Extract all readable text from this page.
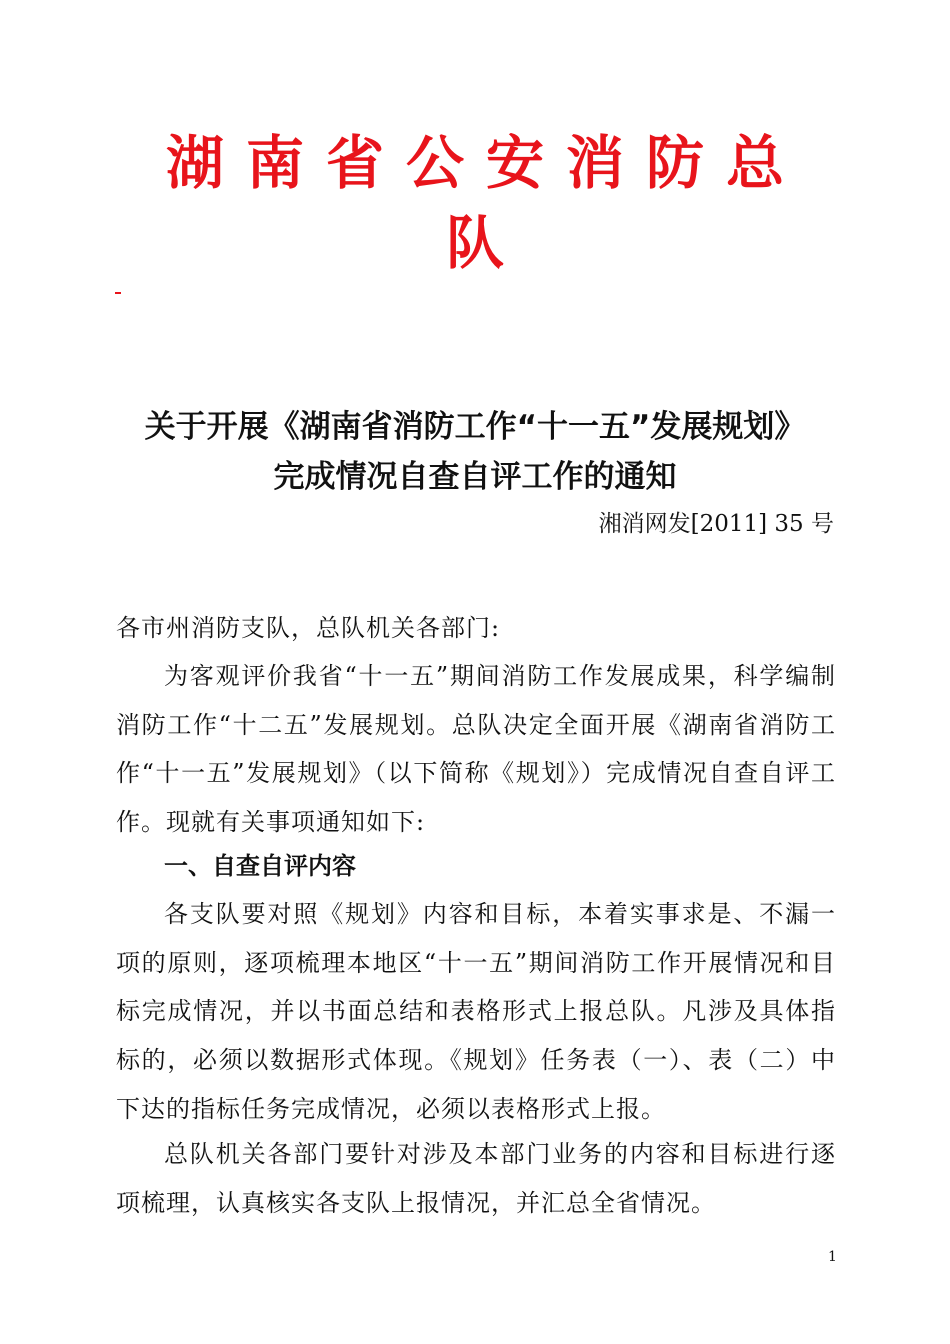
湖南省公安消防总
队
关于开展《湖南省消防工作“十一五”发展规划》
完成情况自查自评工作的通知
湘消网发[2011] 35 号
各市州消防支队，总队机关各部门:
为客观评价我省“十一五”期间消防工作发展成果，科学编制消防工作“十二五”发展规划。总队决定全面开展《湖南省消防工作“十一五”发展规划》（以下简称《规划》）完成情况自查自评工作。现就有关事项通知如下:
一、自查自评内容
各支队要对照《规划》内容和目标，本着实事求是、不漏一项的原则，逐项梳理本地区“十一五”期间消防工作开展情况和目标完成情况，并以书面总结和表格形式上报总队。凡涉及具体指标的，必须以数据形式体现。《规划》任务表（一）、表（二）中下达的指标任务完成情况，必须以表格形式上报。
总队机关各部门要针对涉及本部门业务的内容和目标进行逐项梳理，认真核实各支队上报情况，并汇总全省情况。
1
